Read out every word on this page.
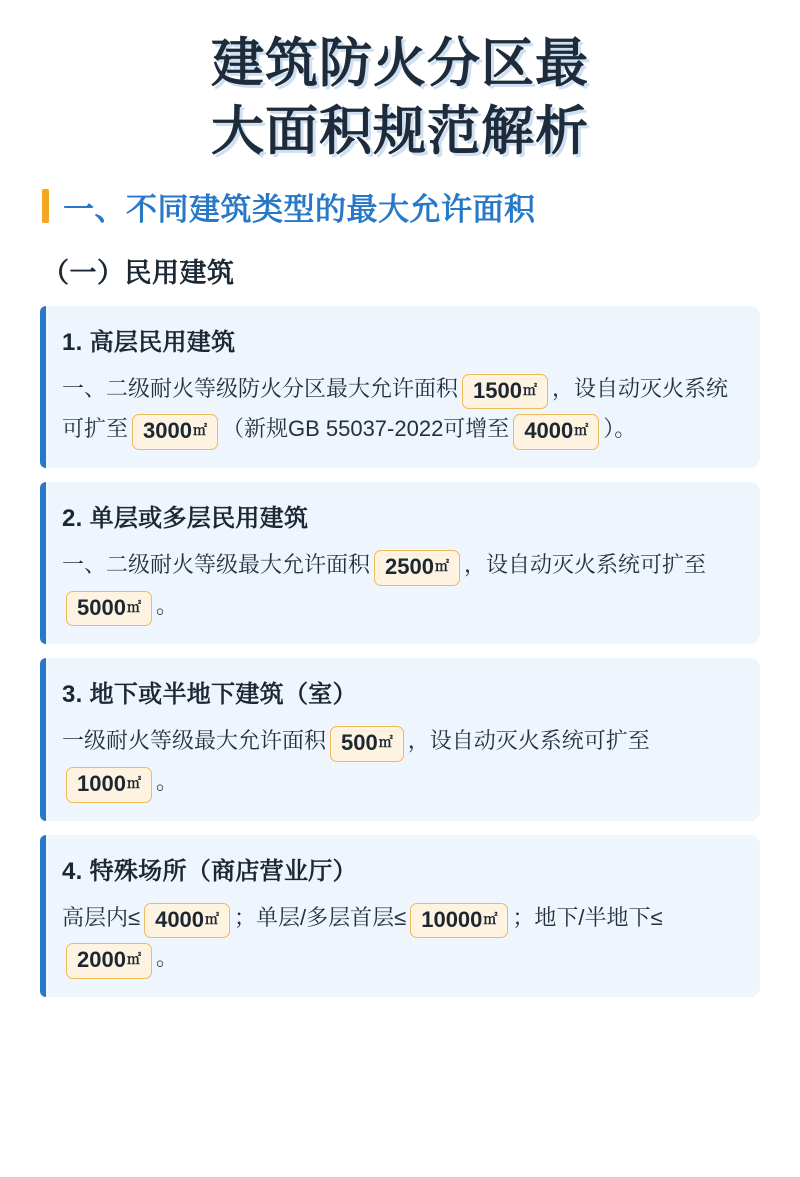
建筑防火分区最
大面积规范解析
一、不同建筑类型的最大允许面积
（一）民用建筑
1. 高层民用建筑
一、二级耐火等级防火分区最大允许面积 1500㎡ ，设自动灭火系统可扩至 3000㎡ （新规GB 55037-2022可增至 4000㎡ ）。
2. 单层或多层民用建筑
一、二级耐火等级最大允许面积 2500㎡ ，设自动灭火系统可扩至5000㎡ 。
3. 地下或半地下建筑（室）
一级耐火等级最大允许面积 500㎡ ，设自动灭火系统可扩至1000㎡ 。
4. 特殊场所（商店营业厅）
高层内≤ 4000㎡ ；单层/多层首层≤ 10000㎡ ；地下/半地下≤2000㎡ 。
